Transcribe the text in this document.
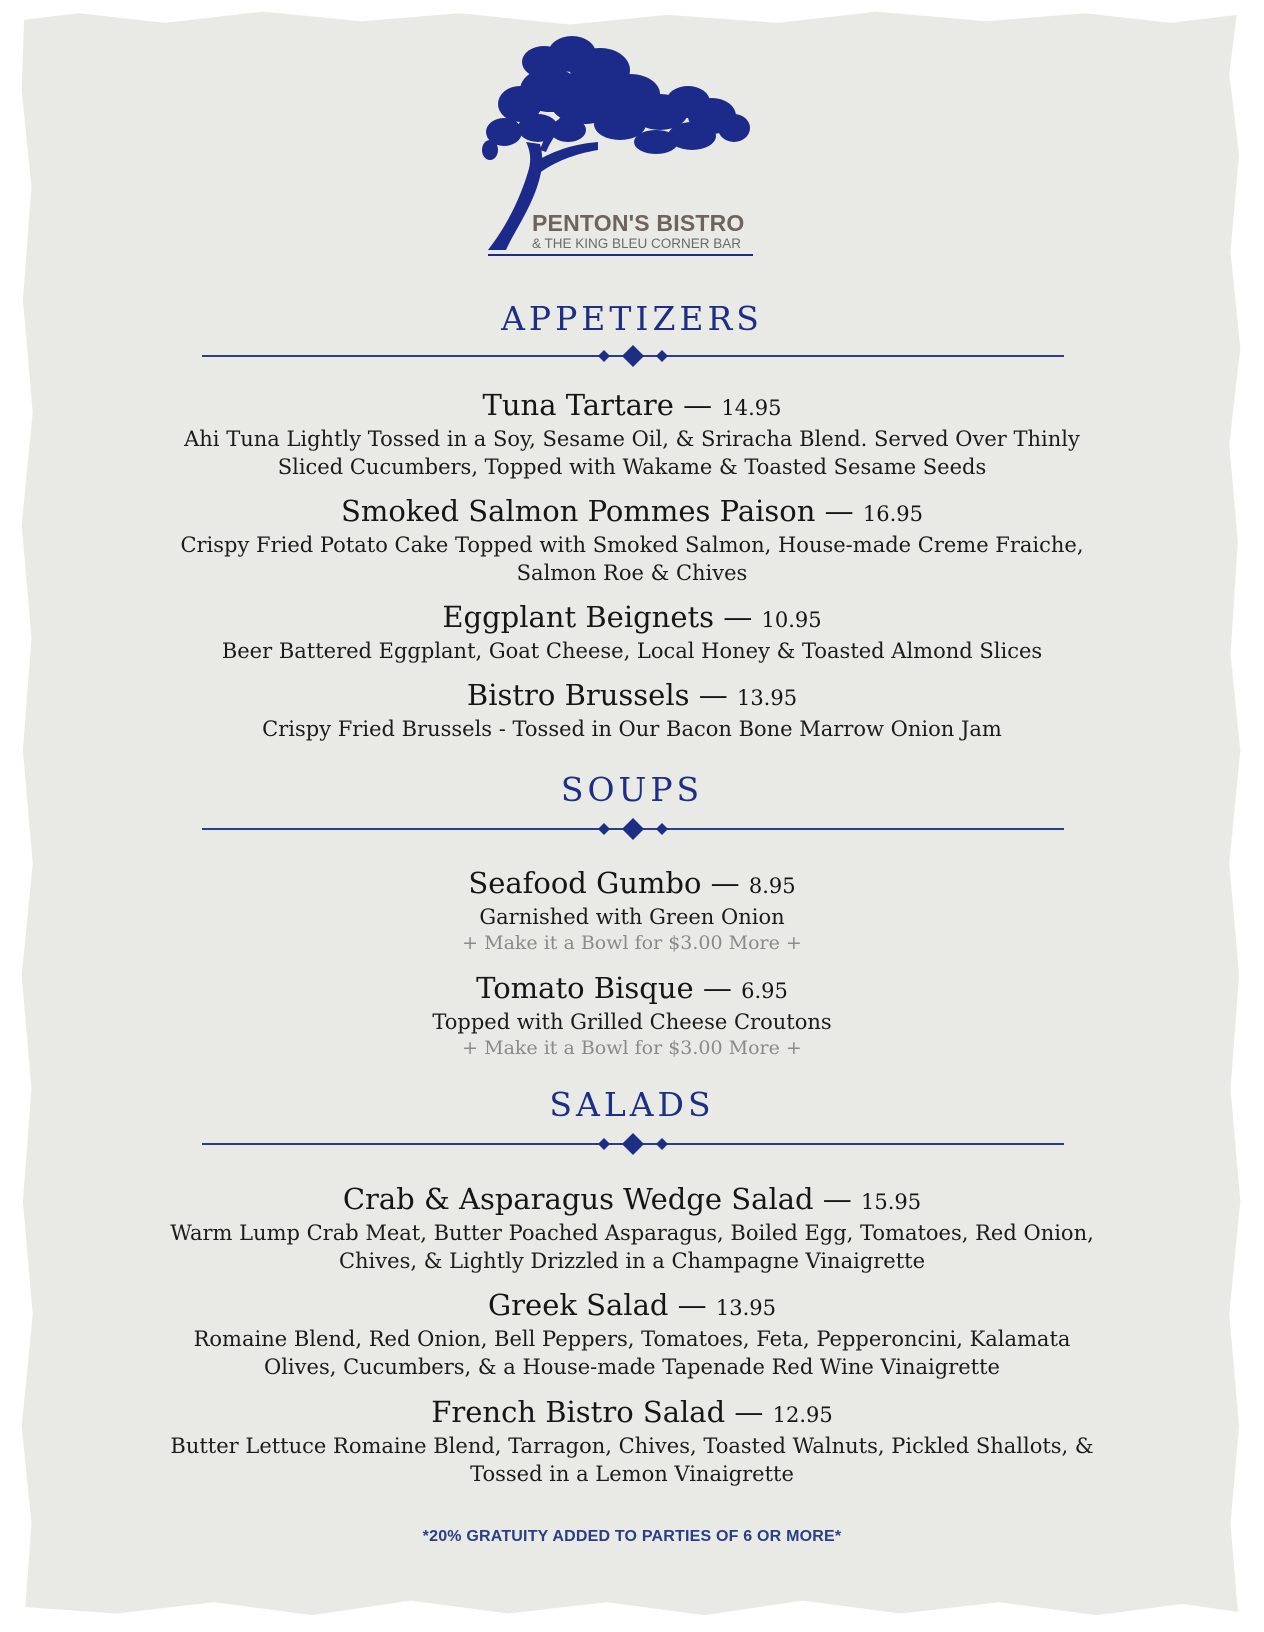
PENTON'S BISTRO
& THE KING BLEU CORNER BAR
APPETIZERS
Tuna Tartare — 14.95
Ahi Tuna Lightly Tossed in a Soy, Sesame Oil, & Sriracha Blend. Served Over Thinly
Sliced Cucumbers, Topped with Wakame & Toasted Sesame Seeds
Smoked Salmon Pommes Paison — 16.95
Crispy Fried Potato Cake Topped with Smoked Salmon, House-made Creme Fraiche,
Salmon Roe & Chives
Eggplant Beignets — 10.95
Beer Battered Eggplant, Goat Cheese, Local Honey & Toasted Almond Slices
Bistro Brussels — 13.95
Crispy Fried Brussels - Tossed in Our Bacon Bone Marrow Onion Jam
SOUPS
Seafood Gumbo — 8.95
Garnished with Green Onion
+ Make it a Bowl for $3.00 More +
Tomato Bisque — 6.95
Topped with Grilled Cheese Croutons
+ Make it a Bowl for $3.00 More +
SALADS
Crab & Asparagus Wedge Salad — 15.95
Warm Lump Crab Meat, Butter Poached Asparagus, Boiled Egg, Tomatoes, Red Onion,
Chives, & Lightly Drizzled in a Champagne Vinaigrette
Greek Salad — 13.95
Romaine Blend, Red Onion, Bell Peppers, Tomatoes, Feta, Pepperoncini, Kalamata
Olives, Cucumbers, & a House-made Tapenade Red Wine Vinaigrette
French Bistro Salad — 12.95
Butter Lettuce Romaine Blend, Tarragon, Chives, Toasted Walnuts, Pickled Shallots, &
Tossed in a Lemon Vinaigrette
*20% GRATUITY ADDED TO PARTIES OF 6 OR MORE*
